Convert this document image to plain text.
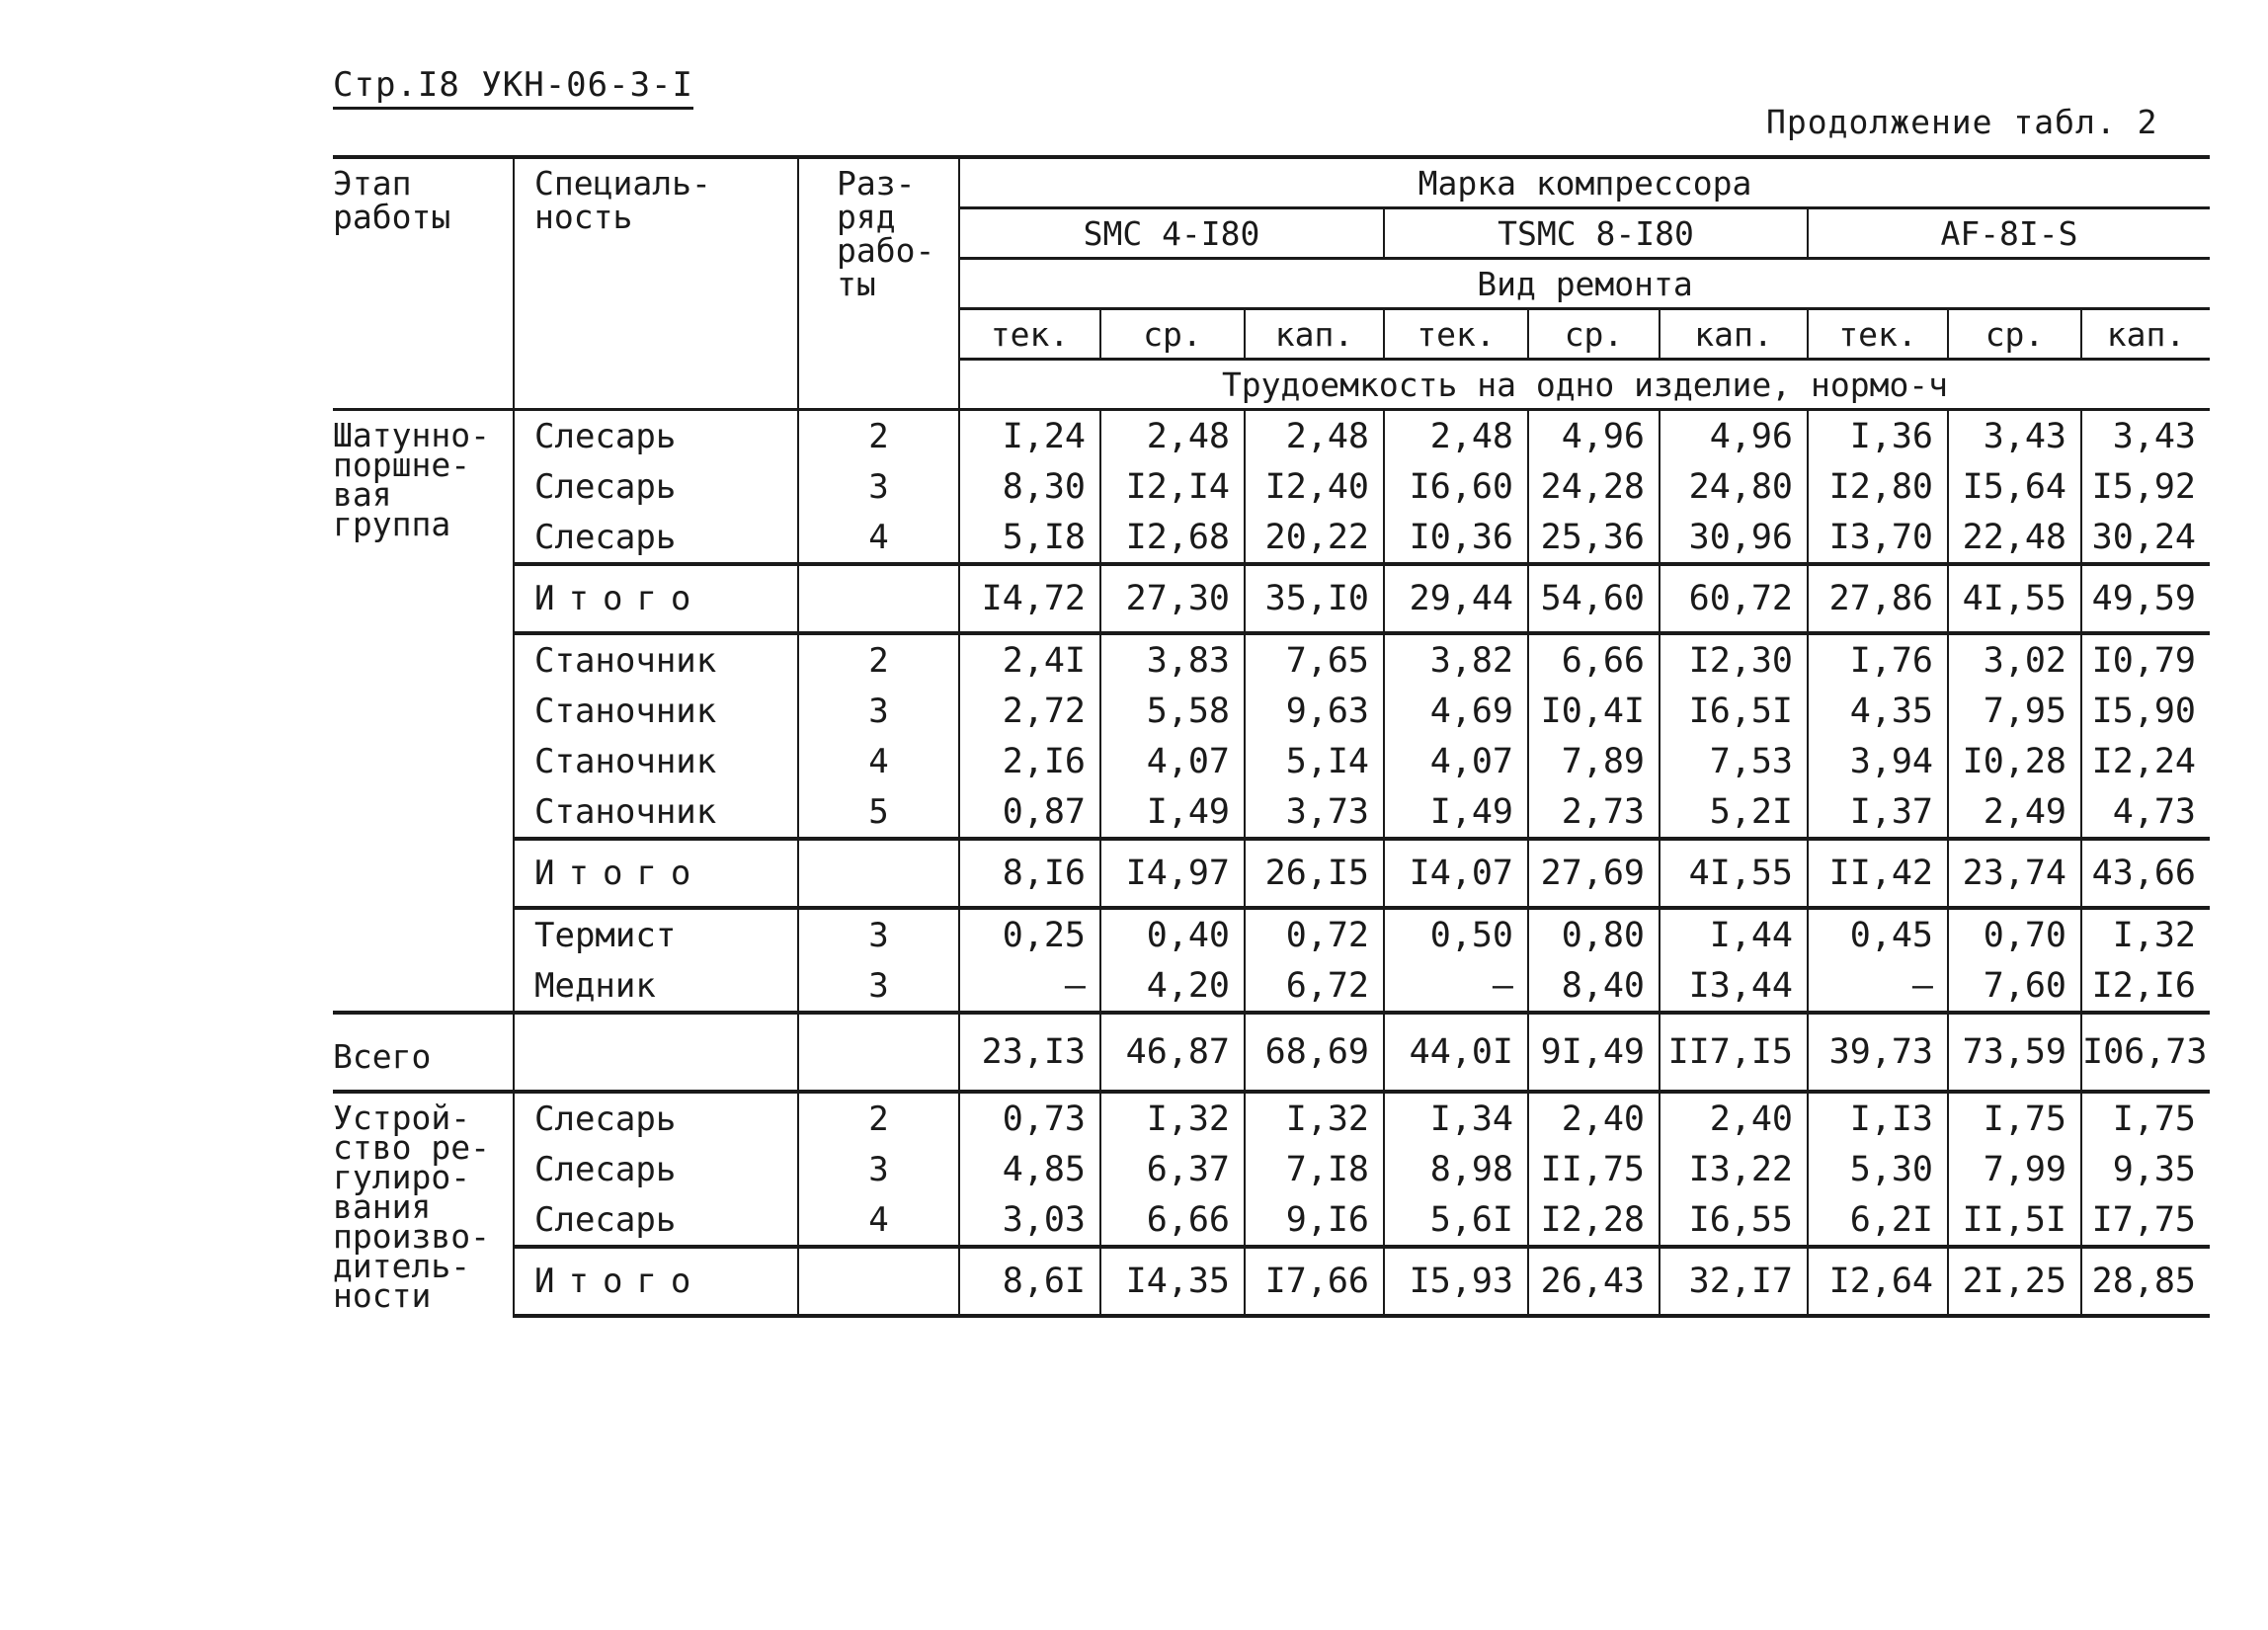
Стр.I8 УКН-06-3-I
Продолжение табл. 2
Этап работы	Специаль-ность	Раз-ряд рабо-ты	Марка компрессора								
			SMC 4-I80			TSMC 8-I80			AF-8I-S		
			Вид ремонта								
			тек.	ср.	кап.	тек.	ср.	кап.	тек.	ср.	кап.
			Трудоемкость на одно изделие, нормо-ч								
Шатунно-поршне-вая группа	Слесарь	2	I,24	2,48	2,48	2,48	4,96	4,96	I,36	3,43	3,43
	Слесарь	3	8,30	I2,I4	I2,40	I6,60	24,28	24,80	I2,80	I5,64	I5,92
	Слесарь	4	5,I8	I2,68	20,22	I0,36	25,36	30,96	I3,70	22,48	30,24
	Итого		I4,72	27,30	35,I0	29,44	54,60	60,72	27,86	4I,55	49,59
	Станочник	2	2,4I	3,83	7,65	3,82	6,66	I2,30	I,76	3,02	I0,79
	Станочник	3	2,72	5,58	9,63	4,69	I0,4I	I6,5I	4,35	7,95	I5,90
	Станочник	4	2,I6	4,07	5,I4	4,07	7,89	7,53	3,94	I0,28	I2,24
	Станочник	5	0,87	I,49	3,73	I,49	2,73	5,2I	I,37	2,49	4,73
	Итого		8,I6	I4,97	26,I5	I4,07	27,69	4I,55	II,42	23,74	43,66
	Термист	3	0,25	0,40	0,72	0,50	0,80	I,44	0,45	0,70	I,32
	Медник	3	–	4,20	6,72	–	8,40	I3,44	–	7,60	I2,I6
Всего			23,I3	46,87	68,69	44,0I	9I,49	II7,I5	39,73	73,59	I06,73
Устрой-ство ре-гулиро-вания произво-дитель-ности	Слесарь	2	0,73	I,32	I,32	I,34	2,40	2,40	I,I3	I,75	I,75
	Слесарь	3	4,85	6,37	7,I8	8,98	II,75	I3,22	5,30	7,99	9,35
	Слесарь	4	3,03	6,66	9,I6	5,6I	I2,28	I6,55	6,2I	II,5I	I7,75
	Итого		8,6I	I4,35	I7,66	I5,93	26,43	32,I7	I2,64	2I,25	28,85
